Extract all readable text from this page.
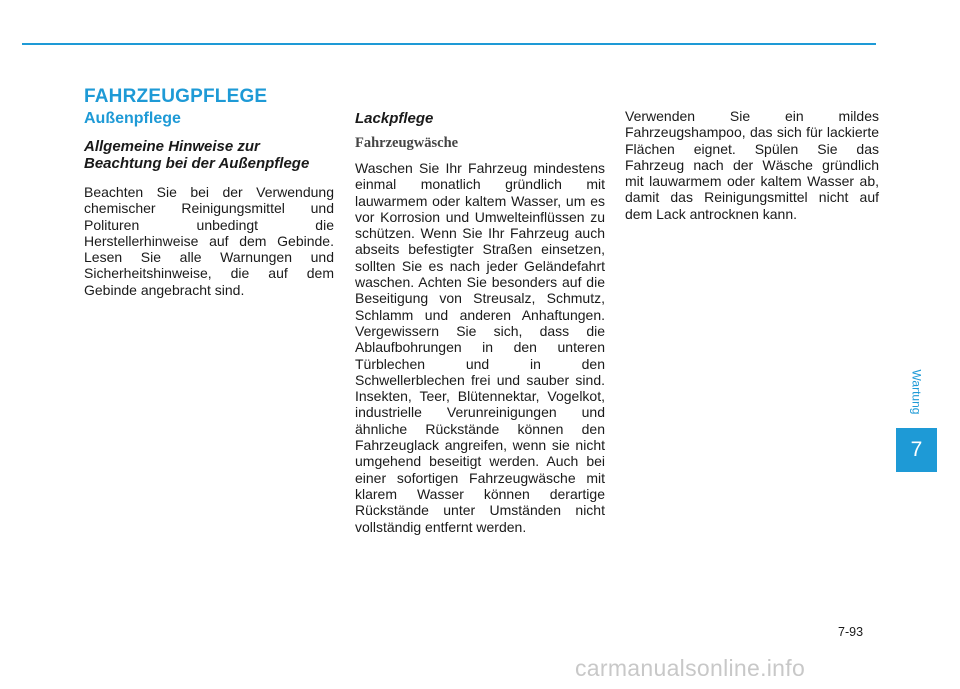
FAHRZEUGPFLEGE
Außenpflege
Allgemeine Hinweise zur Beachtung bei der Außenpflege

Beachten Sie bei der Verwendung chemischer Reinigungsmittel und Polituren unbedingt die Herstellerhinweise auf dem Gebinde. Lesen Sie alle Warnungen und Sicherheitshinweise, die auf dem Gebinde angebracht sind.

Lackpflege
Fahrzeugwäsche

Waschen Sie Ihr Fahrzeug mindestens einmal monatlich gründlich mit lauwarmem oder kaltem Wasser, um es vor Korrosion und Umwelteinflüssen zu schützen. Wenn Sie Ihr Fahrzeug auch abseits befestigter Straßen einsetzen, sollten Sie es nach jeder Geländefahrt waschen. Achten Sie besonders auf die Beseitigung von Streusalz, Schmutz, Schlamm und anderen Anhaftungen. Vergewissern Sie sich, dass die Ablaufbohrungen in den unteren Türblechen und in den Schwellerblechen frei und sauber sind. Insekten, Teer, Blütennektar, Vogelkot, industrielle Verunreinigungen und ähnliche Rückstände können den Fahrzeuglack angreifen, wenn sie nicht umgehend beseitigt werden. Auch bei einer sofortigen Fahrzeugwäsche mit klarem Wasser können derartige Rückstände unter Umständen nicht vollständig entfernt werden.

Verwenden Sie ein mildes Fahrzeugshampoo, das sich für lackierte Flächen eignet. Spülen Sie das Fahrzeug nach der Wäsche gründlich mit lauwarmem oder kaltem Wasser ab, damit das Reinigungsmittel nicht auf dem Lack antrocknen kann.

Wartung
7
7-93
carmanualsonline.info
